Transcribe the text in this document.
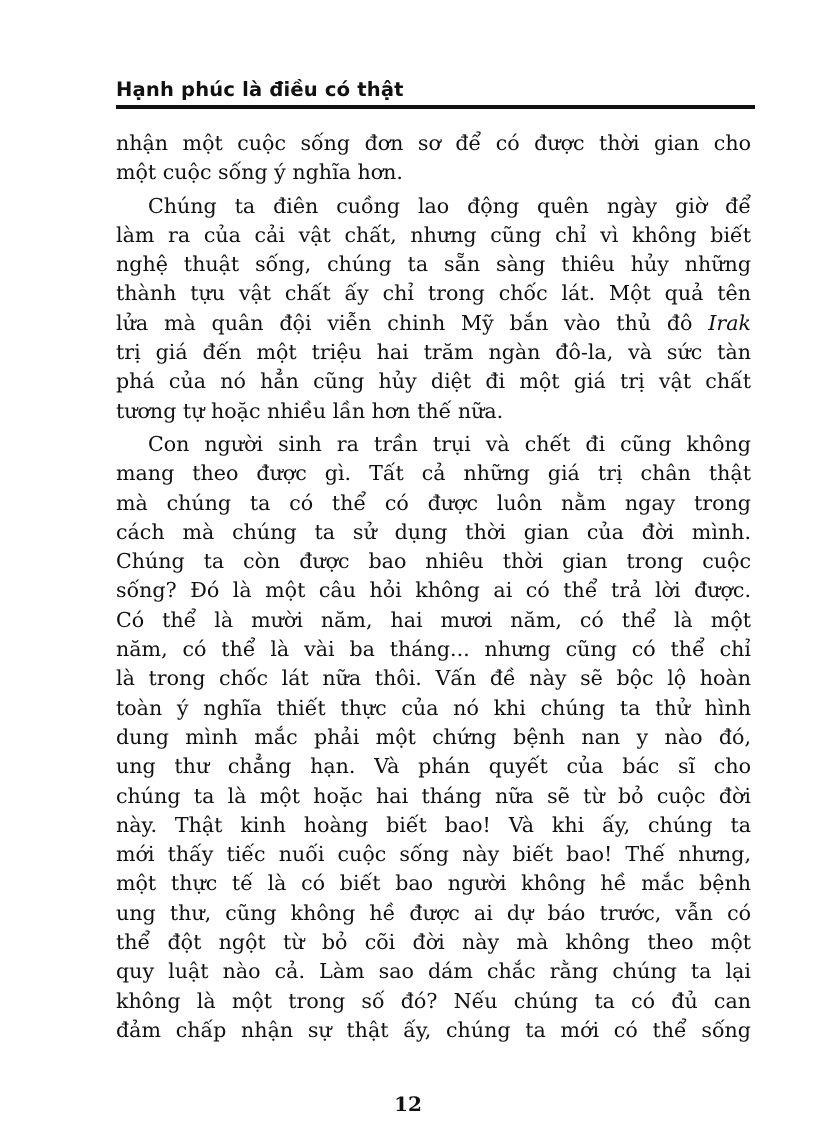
Hạnh phúc là điều có thật

nhận một cuộc sống đơn sơ để có được thời gian cho
một cuộc sống ý nghĩa hơn.

Chúng ta điên cuồng lao động quên ngày giờ để
làm ra của cải vật chất, nhưng cũng chỉ vì không biết
nghệ thuật sống, chúng ta sẵn sàng thiêu hủy những
thành tựu vật chất ấy chỉ trong chốc lát. Một quả tên
lửa mà quân đội viễn chinh Mỹ bắn vào thủ đô Irak
trị giá đến một triệu hai trăm ngàn đô-la, và sức tàn
phá của nó hẳn cũng hủy diệt đi một giá trị vật chất
tương tự hoặc nhiều lần hơn thế nữa.

Con người sinh ra trần trụi và chết đi cũng không
mang theo được gì. Tất cả những giá trị chân thật
mà chúng ta có thể có được luôn nằm ngay trong
cách mà chúng ta sử dụng thời gian của đời mình.
Chúng ta còn được bao nhiêu thời gian trong cuộc
sống? Đó là một câu hỏi không ai có thể trả lời được.
Có thể là mười năm, hai mươi năm, có thể là một
năm, có thể là vài ba tháng... nhưng cũng có thể chỉ
là trong chốc lát nữa thôi. Vấn đề này sẽ bộc lộ hoàn
toàn ý nghĩa thiết thực của nó khi chúng ta thử hình
dung mình mắc phải một chứng bệnh nan y nào đó,
ung thư chẳng hạn. Và phán quyết của bác sĩ cho
chúng ta là một hoặc hai tháng nữa sẽ từ bỏ cuộc đời
này. Thật kinh hoàng biết bao! Và khi ấy, chúng ta
mới thấy tiếc nuối cuộc sống này biết bao! Thế nhưng,
một thực tế là có biết bao người không hề mắc bệnh
ung thư, cũng không hề được ai dự báo trước, vẫn có
thể đột ngột từ bỏ cõi đời này mà không theo một
quy luật nào cả. Làm sao dám chắc rằng chúng ta lại
không là một trong số đó? Nếu chúng ta có đủ can
đảm chấp nhận sự thật ấy, chúng ta mới có thể sống

12
